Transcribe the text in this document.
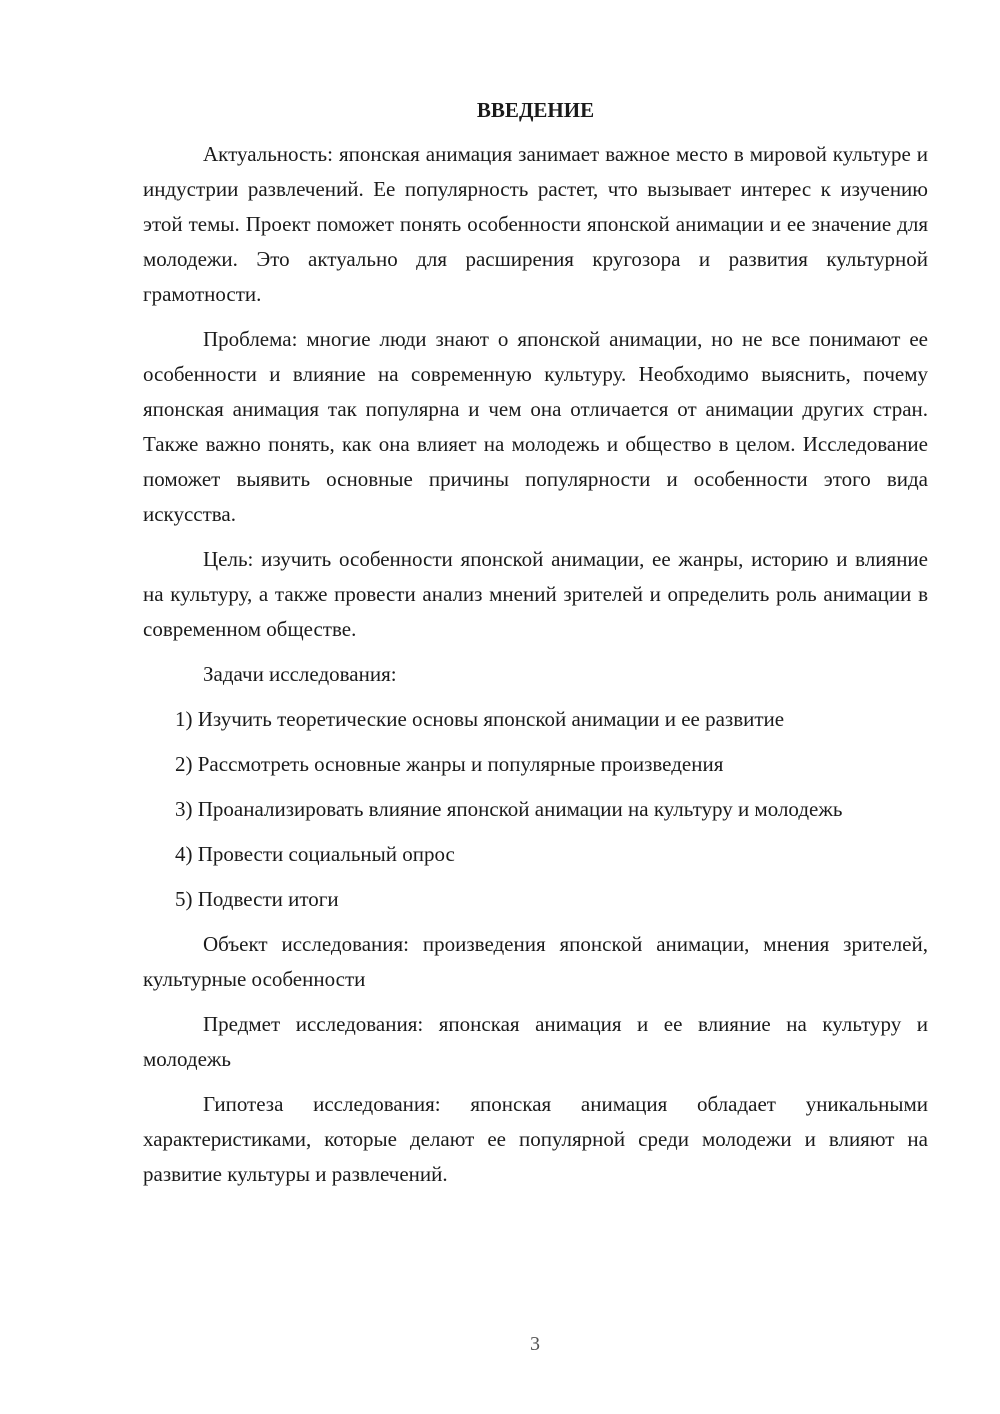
ВВЕДЕНИЕ

Актуальность: японская анимация занимает важное место в мировой культуре и индустрии развлечений. Ее популярность растет, что вызывает интерес к изучению этой темы. Проект поможет понять особенности японской анимации и ее значение для молодежи. Это актуально для расширения кругозора и развития культурной грамотности.

Проблема: многие люди знают о японской анимации, но не все понимают ее особенности и влияние на современную культуру. Необходимо выяснить, почему японская анимация так популярна и чем она отличается от анимации других стран. Также важно понять, как она влияет на молодежь и общество в целом. Исследование поможет выявить основные причины популярности и особенности этого вида искусства.

Цель: изучить особенности японской анимации, ее жанры, историю и влияние на культуру, а также провести анализ мнений зрителей и определить роль анимации в современном обществе.

Задачи исследования:

1) Изучить теоретические основы японской анимации и ее развитие

2) Рассмотреть основные жанры и популярные произведения

3) Проанализировать влияние японской анимации на культуру и молодежь

4) Провести социальный опрос

5) Подвести итоги

Объект исследования: произведения японской анимации, мнения зрителей, культурные особенности

Предмет исследования: японская анимация и ее влияние на культуру и молодежь

Гипотеза исследования: японская анимация обладает уникальными характеристиками, которые делают ее популярной среди молодежи и влияют на развитие культуры и развлечений.

3
